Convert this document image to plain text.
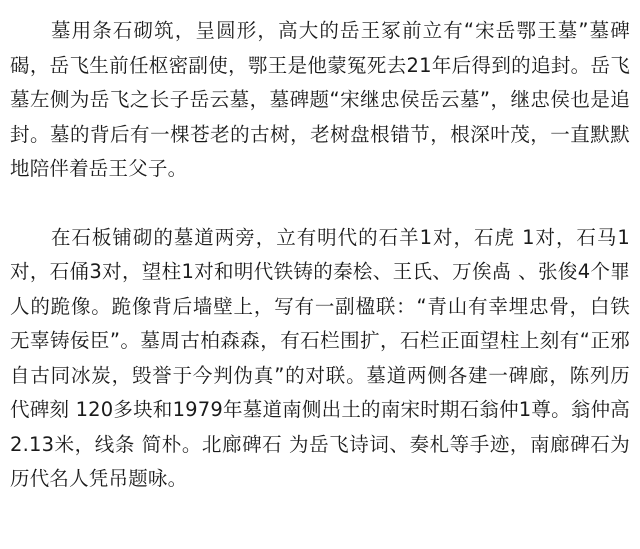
墓用条石砌筑，呈圆形，高大的岳王冢前立有“宋岳鄂王墓”墓碑碣，岳飞生前任枢密副使，鄂王是他蒙冤死去21年后得到的追封。岳飞墓左侧为岳飞之长子岳云墓，墓碑题“宋继忠侯岳云墓”，继忠侯也是追封。墓的背后有一棵苍老的古树，老树盘根错节，根深叶茂，一直默默地陪伴着岳王父子。

在石板铺砌的墓道两旁，立有明代的石羊1对，石虎 1对，石马1对，石俑3对，望柱1对和明代铁铸的秦桧、王氏、万俟卨 、张俊4个罪人的跪像。跪像背后墙壁上，写有一副楹联：“青山有幸埋忠骨，白铁无辜铸佞臣”。墓周古柏森森，有石栏围扩，石栏正面望柱上刻有“正邪自古同冰炭，毁誉于今判伪真”的对联。墓道两侧各建一碑廊，陈列历代碑刻 120多块和1979年墓道南侧出土的南宋时期石翁仲1尊。翁仲高2.13米，线条 简朴。北廊碑石 为岳飞诗词、奏札等手迹，南廊碑石为历代名人凭吊题咏。
